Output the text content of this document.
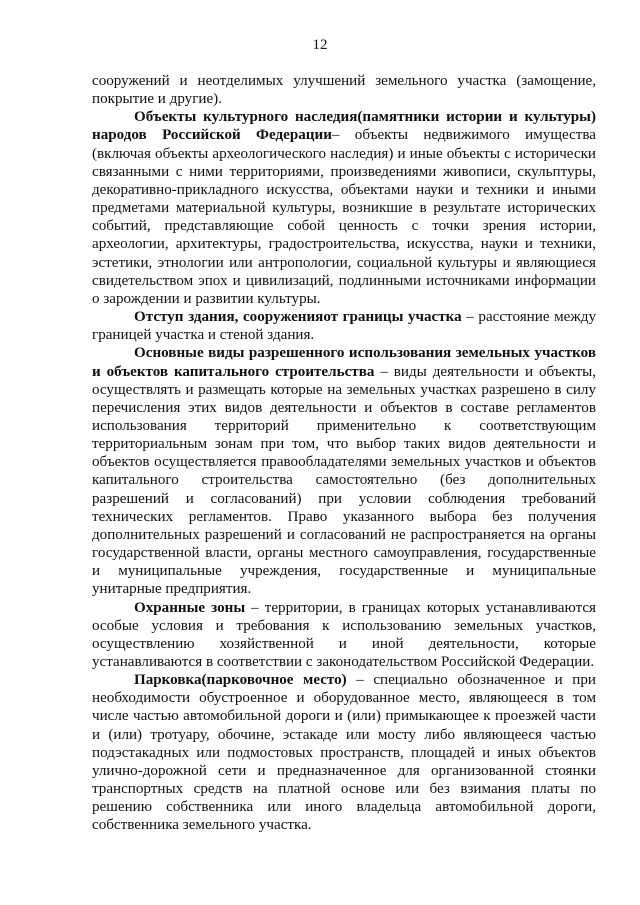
12

сооружений и неотделимых улучшений земельного участка (замощение, покрытие и другие).

Объекты культурного наследия(памятники истории и культуры) народов Российской Федерации– объекты недвижимого имущества (включая объекты археологического наследия) и иные объекты с исторически связанными с ними территориями, произведениями живописи, скульптуры, декоративно-прикладного искусства, объектами науки и техники и иными предметами материальной культуры, возникшие в результате исторических событий, представляющие собой ценность с точки зрения истории, археологии, архитектуры, градостроительства, искусства, науки и техники, эстетики, этнологии или антропологии, социальной культуры и являющиеся свидетельством эпох и цивилизаций, подлинными источниками информации о зарождении и развитии культуры.

Отступ здания, сооруженияот границы участка – расстояние между границей участка и стеной здания.

Основные виды разрешенного использования земельных участков и объектов капитального строительства – виды деятельности и объекты, осуществлять и размещать которые на земельных участках разрешено в силу перечисления этих видов деятельности и объектов в составе регламентов использования территорий применительно к соответствующим территориальным зонам при том, что выбор таких видов деятельности и объектов осуществляется правообладателями земельных участков и объектов капитального строительства самостоятельно (без дополнительных разрешений и согласований) при условии соблюдения требований технических регламентов. Право указанного выбора без получения дополнительных разрешений и согласований не распространяется на органы государственной власти, органы местного самоуправления, государственные и муниципальные учреждения, государственные и муниципальные унитарные предприятия.

Охранные зоны – территории, в границах которых устанавливаются особые условия и требования к использованию земельных участков, осуществлению хозяйственной и иной деятельности, которые устанавливаются в соответствии с законодательством Российской Федерации.

Парковка(парковочное место) – специально обозначенное и при необходимости обустроенное и оборудованное место, являющееся в том числе частью автомобильной дороги и (или) примыкающее к проезжей части и (или) тротуару, обочине, эстакаде или мосту либо являющееся частью подэстакадных или подмостовых пространств, площадей и иных объектов улично-дорожной сети и предназначенное для организованной стоянки транспортных средств на платной основе или без взимания платы по решению собственника или иного владельца автомобильной дороги, собственника земельного участка.
